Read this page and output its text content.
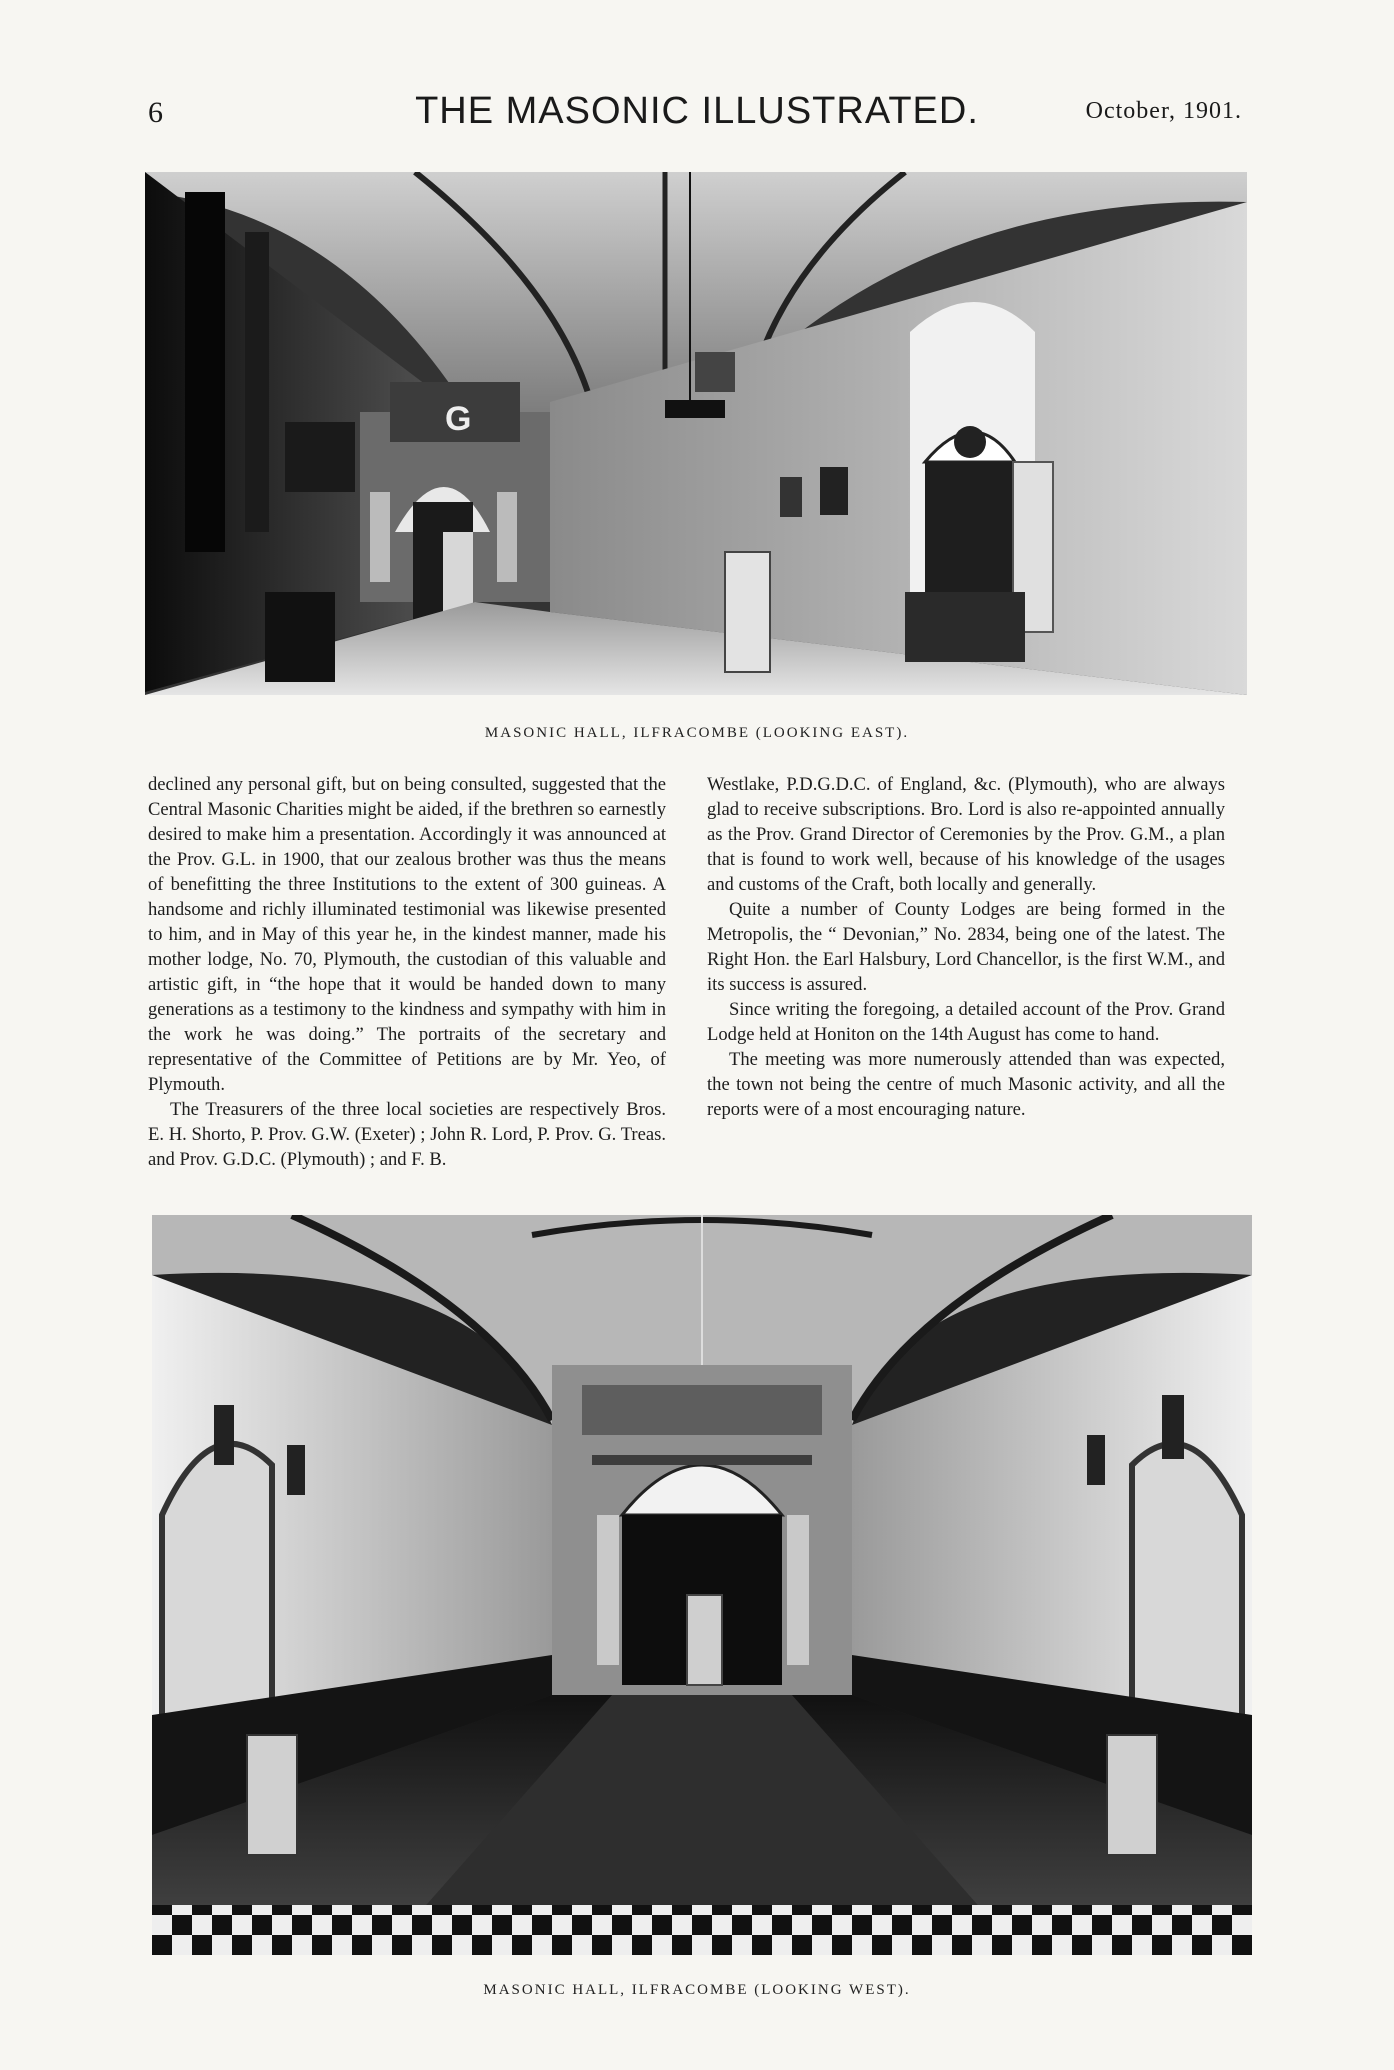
6	THE MASONIC ILLUSTRATED.	October, 1901.
G
MASONIC HALL, ILFRACOMBE (LOOKING EAST).

declined any personal gift, but on being consulted, suggested that the Central Masonic Charities might be aided, if the brethren so earnestly desired to make him a presentation. Accordingly it was announced at the Prov. G.L. in 1900, that our zealous brother was thus the means of benefitting the three Institutions to the extent of 300 guineas. A handsome and richly illuminated testimonial was likewise presented to him, and in May of this year he, in the kindest manner, made his mother lodge, No. 70, Plymouth, the custodian of this valuable and artistic gift, in “the hope that it would be handed down to many generations as a testimony to the kindness and sympathy with him in the work he was doing.” The portraits of the secretary and representative of the Committee of Petitions are by Mr. Yeo, of Plymouth.

The Treasurers of the three local societies are respectively Bros. E. H. Shorto, P. Prov. G.W. (Exeter) ; John R. Lord, P. Prov. G. Treas. and Prov. G.D.C. (Plymouth) ; and F. B.

Westlake, P.D.G.D.C. of England, &c. (Plymouth), who are always glad to receive subscriptions. Bro. Lord is also re-appointed annually as the Prov. Grand Director of Ceremonies by the Prov. G.M., a plan that is found to work well, because of his knowledge of the usages and customs of the Craft, both locally and generally.

Quite a number of County Lodges are being formed in the Metropolis, the “ Devonian,” No. 2834, being one of the latest. The Right Hon. the Earl Halsbury, Lord Chancellor, is the first W.M., and its success is assured.

Since writing the foregoing, a detailed account of the Prov. Grand Lodge held at Honiton on the 14th August has come to hand.

The meeting was more numerously attended than was expected, the town not being the centre of much Masonic activity, and all the reports were of a most encouraging nature.

MASONIC HALL, ILFRACOMBE (LOOKING WEST).
